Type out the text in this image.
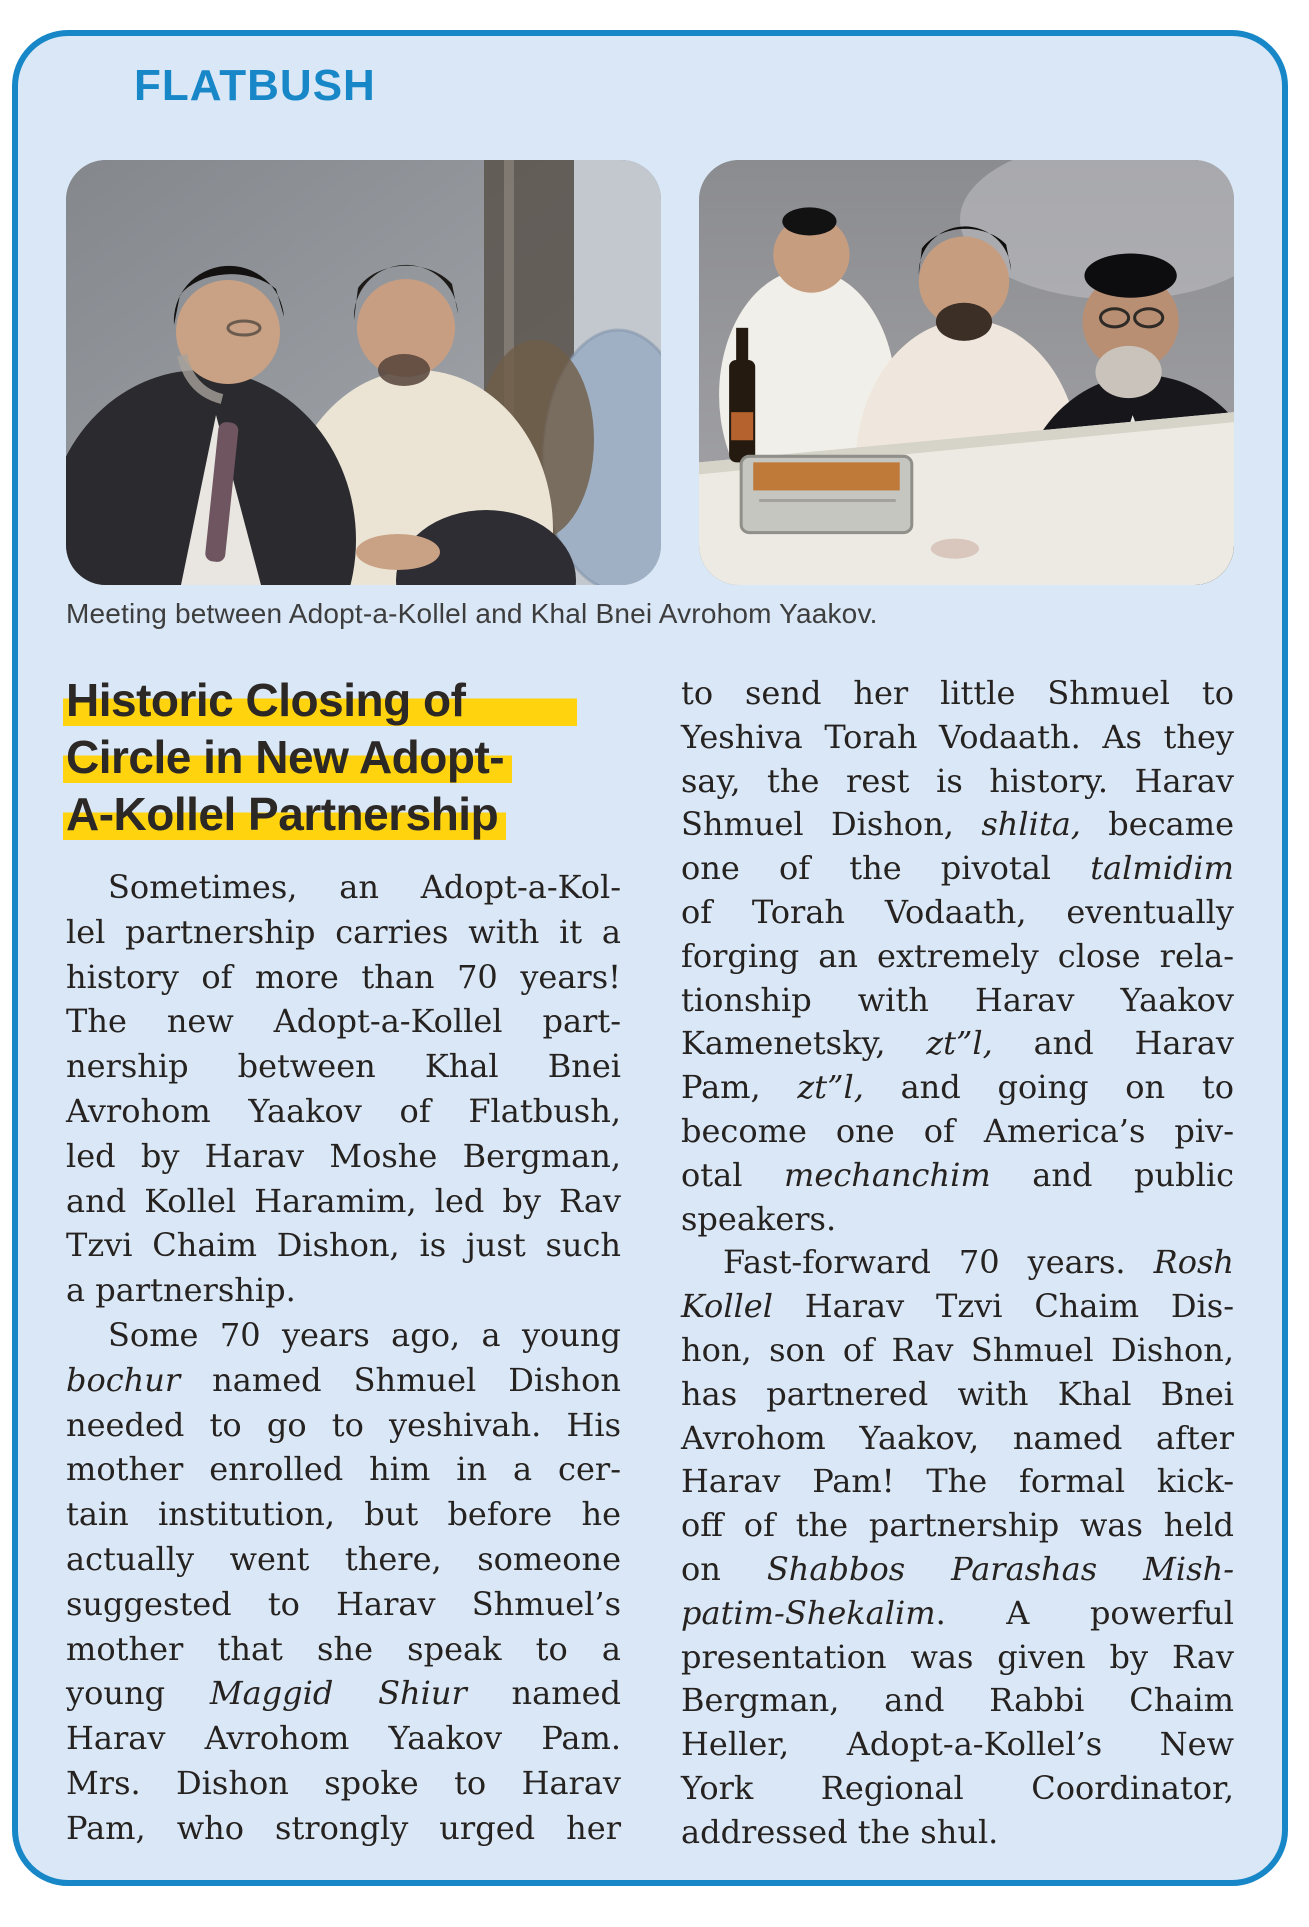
FLATBUSH
Meeting between Adopt-a-Kollel and Khal Bnei Avrohom Yaakov.
Historic Closing of
Circle in New Adopt-
A-Kollel Partnership
Sometimes, an Adopt-a-Kol-
lel partnership carries with it a
history of more than 70 years!
The new Adopt-a-Kollel part-
nership between Khal Bnei
Avrohom Yaakov of Flatbush,
led by Harav Moshe Bergman,
and Kollel Haramim, led by Rav
Tzvi Chaim Dishon, is just such
a partnership.
Some 70 years ago, a young
bochur named Shmuel Dishon
needed to go to yeshivah. His
mother enrolled him in a cer-
tain institution, but before he
actually went there, someone
suggested to Harav Shmuel’s
mother that she speak to a
young Maggid Shiur named
Harav Avrohom Yaakov Pam.
Mrs. Dishon spoke to Harav
Pam, who strongly urged her
to send her little Shmuel to
Yeshiva Torah Vodaath. As they
say, the rest is history. Harav
Shmuel Dishon, shlita, became
one of the pivotal talmidim
of Torah Vodaath, eventually
forging an extremely close rela-
tionship with Harav Yaakov
Kamenetsky, zt”l, and Harav
Pam, zt”l, and going on to
become one of America’s piv-
otal mechanchim and public
speakers.
Fast-forward 70 years. Rosh
Kollel Harav Tzvi Chaim Dis-
hon, son of Rav Shmuel Dishon,
has partnered with Khal Bnei
Avrohom Yaakov, named after
Harav Pam! The formal kick-
off of the partnership was held
on Shabbos Parashas Mish-
patim-Shekalim. A powerful
presentation was given by Rav
Bergman, and Rabbi Chaim
Heller, Adopt-a-Kollel’s New
York Regional Coordinator,
addressed the shul.
